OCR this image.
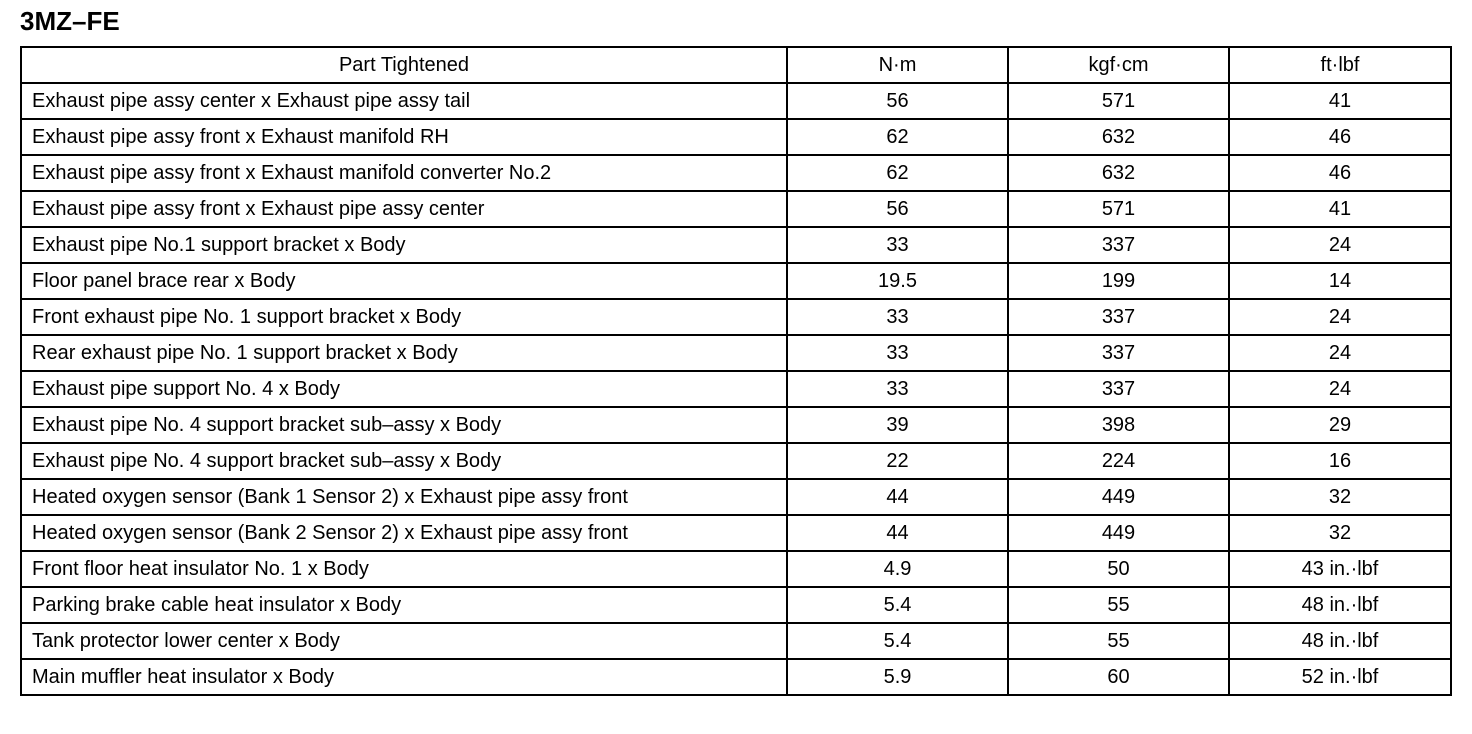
3MZ–FE
Part Tightened	N·m	kgf·cm	ft·lbf
Exhaust pipe assy center x Exhaust pipe assy tail	56	571	41
Exhaust pipe assy front x Exhaust manifold RH	62	632	46
Exhaust pipe assy front x Exhaust manifold converter No.2	62	632	46
Exhaust pipe assy front x Exhaust pipe assy center	56	571	41
Exhaust pipe No.1 support bracket x Body	33	337	24
Floor panel brace rear x Body	19.5	199	14
Front exhaust pipe No. 1 support bracket x Body	33	337	24
Rear exhaust pipe No. 1 support bracket x Body	33	337	24
Exhaust pipe support No. 4 x Body	33	337	24
Exhaust pipe No. 4 support bracket sub–assy x Body	39	398	29
Exhaust pipe No. 4 support bracket sub–assy x Body	22	224	16
Heated oxygen sensor (Bank 1 Sensor 2) x Exhaust pipe assy front	44	449	32
Heated oxygen sensor (Bank 2 Sensor 2) x Exhaust pipe assy front	44	449	32
Front floor heat insulator No. 1 x Body	4.9	50	43 in.·lbf
Parking brake cable heat insulator x Body	5.4	55	48 in.·lbf
Tank protector lower center x Body	5.4	55	48 in.·lbf
Main muffler heat insulator x Body	5.9	60	52 in.·lbf
